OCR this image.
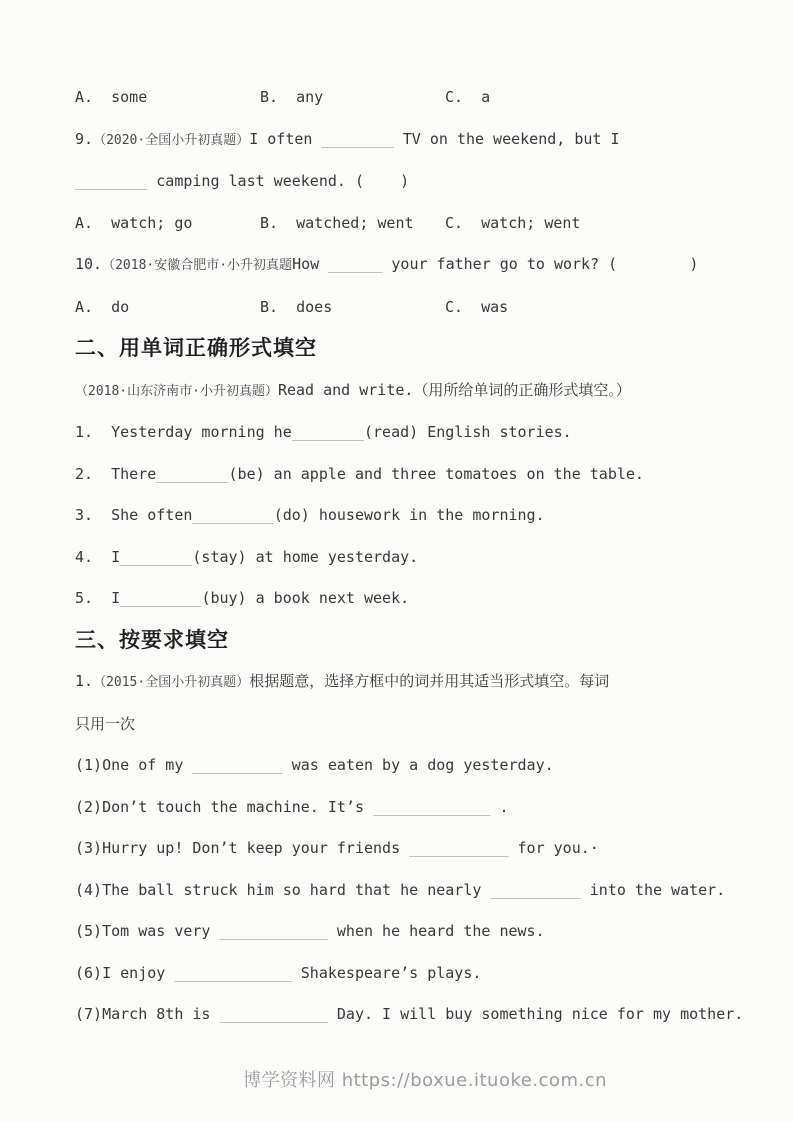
A.  some	B.  any	C.  a

9.（2020·全国小升初真题）I often ________ TV on the weekend, but I

________ camping last weekend. (    )

A.  watch; go	B.  watched; went C.  watch; went

10.（2018·安徽合肥市·小升初真题How ______ your father go to work? (        )

A.  do	B.  does	C.  was

二、用单词正确形式填空

（2018·山东济南市·小升初真题）Read and write.（用所给单词的正确形式填空。）

1.  Yesterday morning he________(read) English stories.

2.  There________(be) an apple and three tomatoes on the table.

3.  She often_________(do) housework in the morning.

4.  I________(stay) at home yesterday.

5.  I_________(buy) a book next week.

三、按要求填空

1.（2015·全国小升初真题）根据题意，选择方框中的词并用其适当形式填空。每词

只用一次

(1)One of my __________ was eaten by a dog yesterday.

(2)Don’t touch the machine. It’s _____________ .

(3)Hurry up! Don’t keep your friends ___________ for you.·

(4)The ball struck him so hard that he nearly __________ into the water.

(5)Tom was very ____________ when he heard the news.

(6)I enjoy _____________ Shakespeare’s plays.

(7)March 8th is ____________ Day. I will buy something nice for my mother.

博学资料网 https://boxue.ituoke.com.cn
